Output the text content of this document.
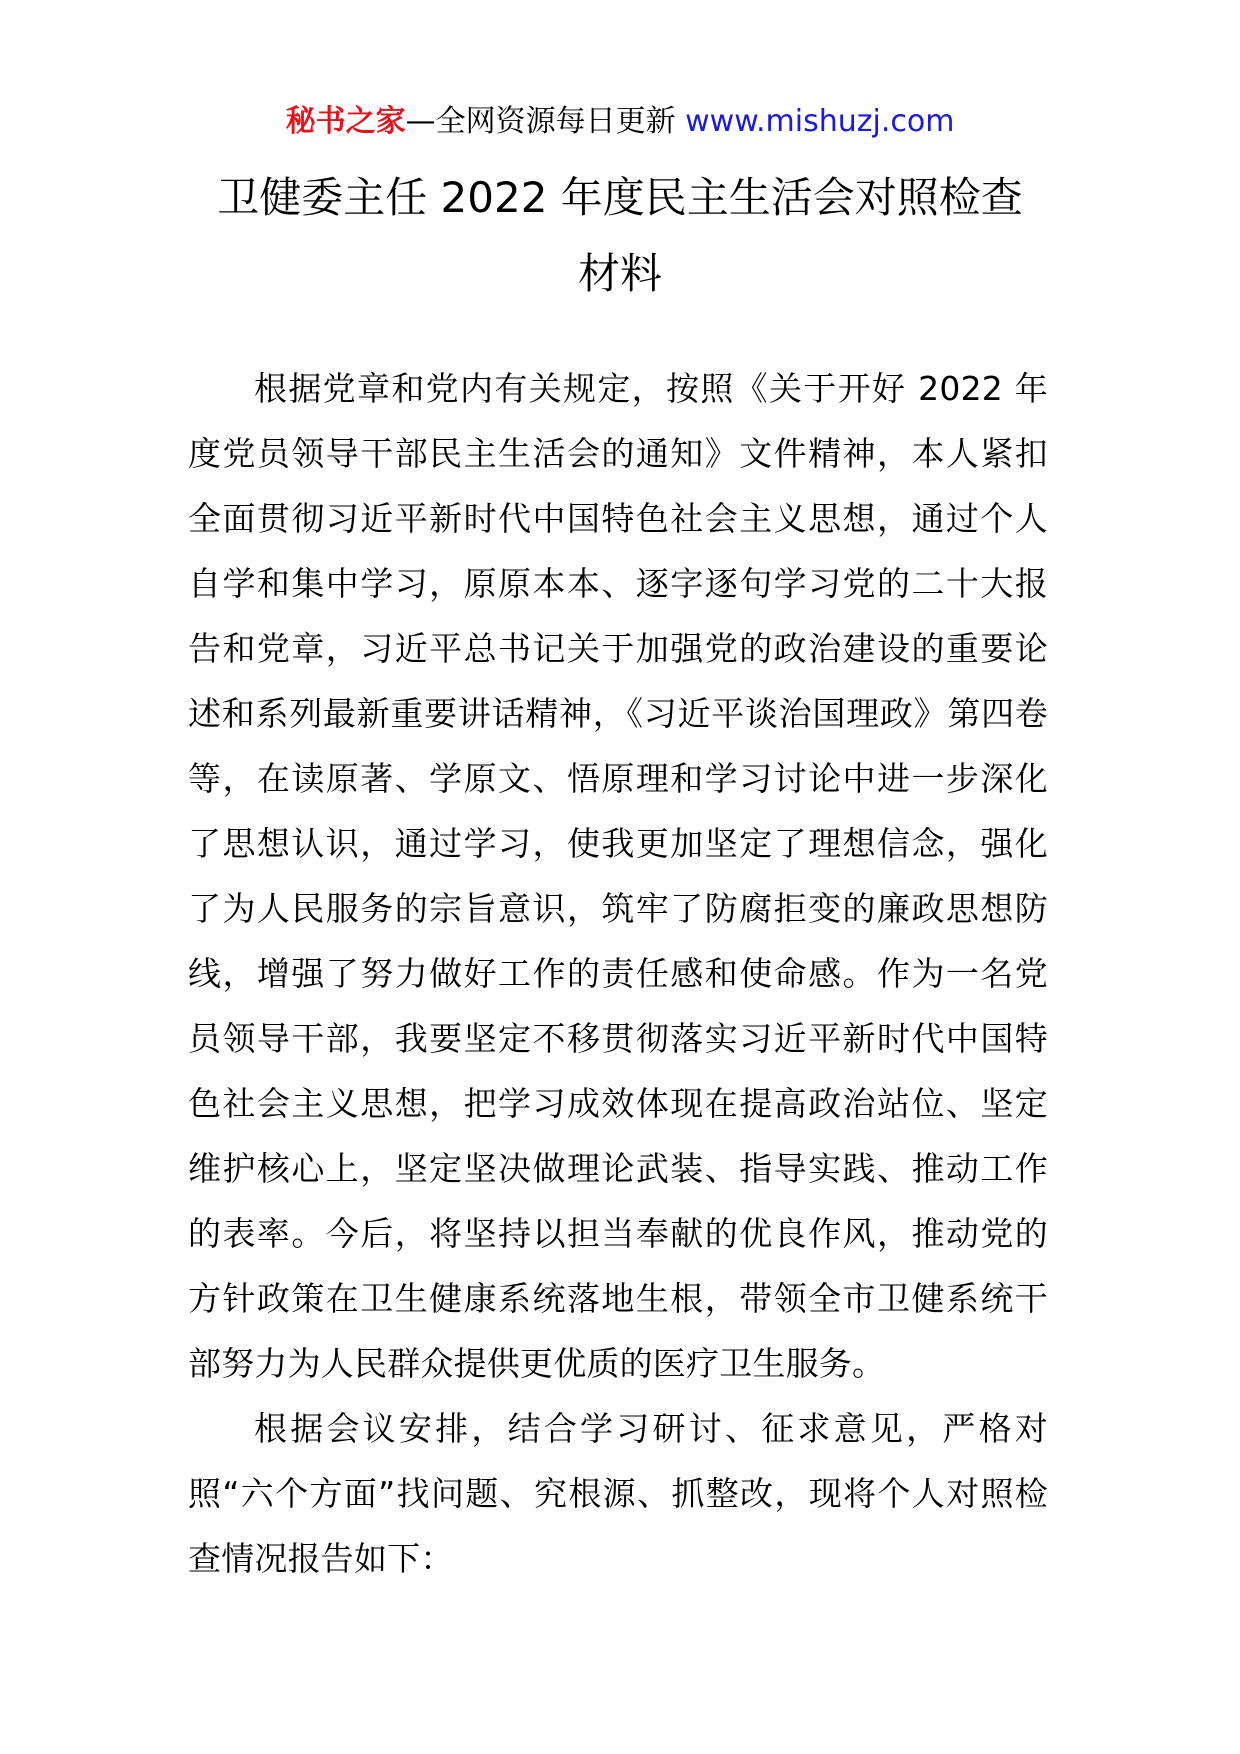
秘书之家—全网资源每日更新 www.mishuzj.com
卫健委主任 2022 年度民主生活会对照检查
材料

根据党章和党内有关规定，按照《关于开好 2022 年度党员领导干部民主生活会的通知》文件精神，本人紧扣全面贯彻习近平新时代中国特色社会主义思想，通过个人自学和集中学习，原原本本、逐字逐句学习党的二十大报告和党章，习近平总书记关于加强党的政治建设的重要论述和系列最新重要讲话精神，《习近平谈治国理政》第四卷等，在读原著、学原文、悟原理和学习讨论中进一步深化了思想认识，通过学习，使我更加坚定了理想信念，强化了为人民服务的宗旨意识，筑牢了防腐拒变的廉政思想防线，增强了努力做好工作的责任感和使命感。作为一名党员领导干部，我要坚定不移贯彻落实习近平新时代中国特色社会主义思想，把学习成效体现在提高政治站位、坚定维护核心上，坚定坚决做理论武装、指导实践、推动工作的表率。今后，将坚持以担当奉献的优良作风，推动党的方针政策在卫生健康系统落地生根，带领全市卫健系统干部努力为人民群众提供更优质的医疗卫生服务。

根据会议安排，结合学习研讨、征求意见，严格对照“六个方面”找问题、究根源、抓整改，现将个人对照检查情况报告如下：
